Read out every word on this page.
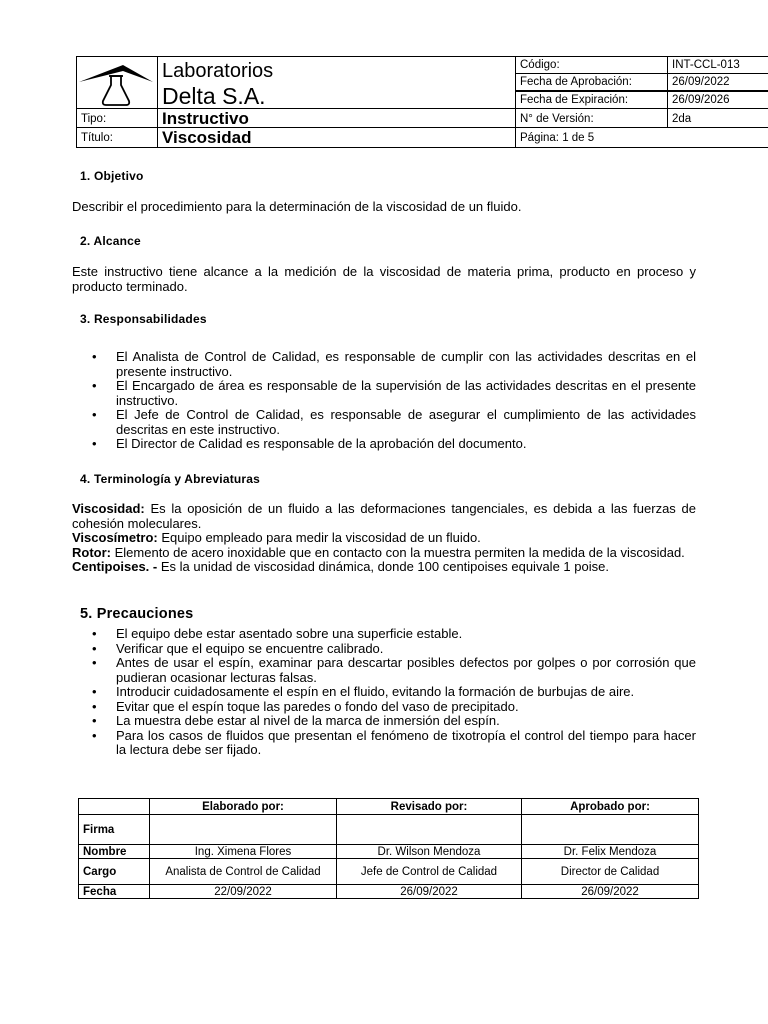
Laboratorios
Delta S.A.
Código:	INT-CCL-013
Fecha de Aprobación:	26/09/2022
Fecha de Expiración:	26/09/2026
Tipo:	Instructivo	N° de Versión:	2da
Título:	Viscosidad	Página: 1 de 5
1. Objetivo
Describir el procedimiento para la determinación de la viscosidad de un fluido.
2. Alcance
Este instructivo tiene alcance a la medición de la viscosidad de materia prima, producto en proceso y producto terminado.
3. Responsabilidades
• El Analista de Control de Calidad, es responsable de cumplir con las actividades descritas en el presente instructivo.
• El Encargado de área es responsable de la supervisión de las actividades descritas en el presente instructivo.
• El Jefe de Control de Calidad, es responsable de asegurar el cumplimiento de las actividades descritas en este instructivo.
• El Director de Calidad es responsable de la aprobación del documento.
4. Terminología y Abreviaturas
Viscosidad: Es la oposición de un fluido a las deformaciones tangenciales, es debida a las fuerzas de cohesión moleculares.
Viscosímetro: Equipo empleado para medir la viscosidad de un fluido.
Rotor: Elemento de acero inoxidable que en contacto con la muestra permiten la medida de la viscosidad.
Centipoises. - Es la unidad de viscosidad dinámica, donde 100 centipoises equivale 1 poise.
5. Precauciones
• El equipo debe estar asentado sobre una superficie estable.
• Verificar que el equipo se encuentre calibrado.
• Antes de usar el espín, examinar para descartar posibles defectos por golpes o por corrosión que pudieran ocasionar lecturas falsas.
• Introducir cuidadosamente el espín en el fluido, evitando la formación de burbujas de aire.
• Evitar que el espín toque las paredes o fondo del vaso de precipitado.
• La muestra debe estar al nivel de la marca de inmersión del espín.
• Para los casos de fluidos que presentan el fenómeno de tixotropía el control del tiempo para hacer la lectura debe ser fijado.
	Elaborado por:	Revisado por:	Aprobado por:
Firma			
Nombre	Ing. Ximena Flores	Dr. Wilson Mendoza	Dr. Felix Mendoza
Cargo	Analista de Control de Calidad	Jefe de Control de Calidad	Director de Calidad
Fecha	22/09/2022	26/09/2022	26/09/2022
